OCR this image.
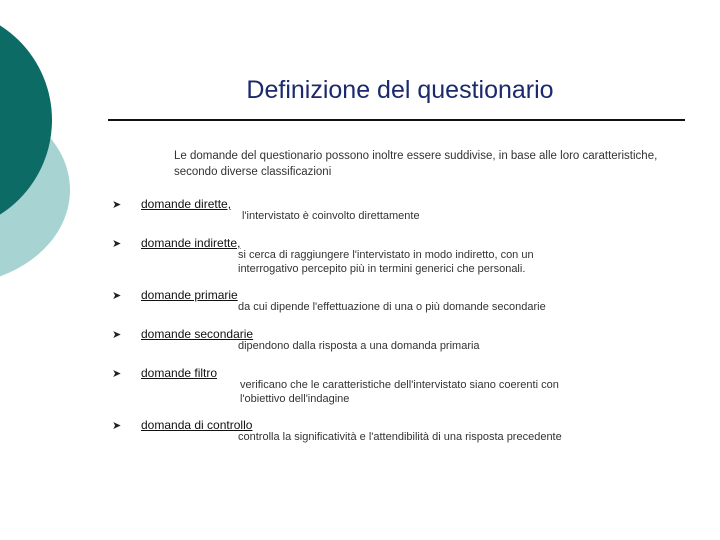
Definizione del questionario
Le domande del questionario possono inoltre essere suddivise, in base alle loro caratteristiche, secondo diverse classificazioni
➤ domande dirette,
l'intervistato è coinvolto direttamente
➤ domande indirette,
si cerca di raggiungere l'intervistato in modo indiretto, con un interrogativo percepito più in termini generici che personali.
➤ domande primarie
da cui dipende l'effettuazione di una o più domande secondarie
➤ domande secondarie
dipendono dalla risposta a una domanda primaria
➤ domande filtro
verificano che le caratteristiche dell'intervistato siano coerenti con l'obiettivo dell'indagine
➤ domanda di controllo
controlla la significatività e l'attendibilità di una risposta precedente
